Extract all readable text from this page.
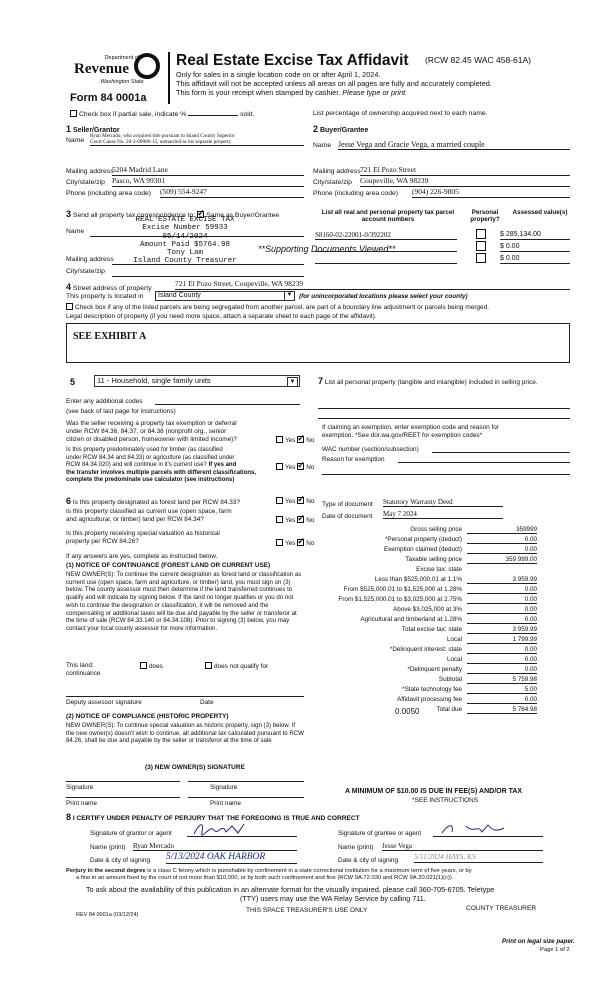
Department of
Revenue
Washington State
Form 84 0001a
Real Estate Excise Tax Affidavit (RCW 82.45 WAC 458-61A)
Only for sales in a single location code on or after April 1, 2024.
This affidavit will not be accepted unless all areas on all pages are fully and accurately completed.
This form is your receipt when stamped by cashier. Please type or print.
Check box if partial sale, indicate %	sold.	List percentage of ownership acquired next to each name.
1 Seller/Grantor
Name
Ryan Mercado, who acquired title pursuant to Island County Superior
Court Cause No. 20-3-00006-15, unmarried as his separate property
Mailing address
5204 Madrid Lane
City/state/zip Pasco, WA 99301
Phone (including area code) (509) 554-9247
2 Buyer/Grantee
Name Jesse Vega and Gracie Vega, a married couple
Mailing address 721 El Pozo Street
City/state/zip Coupeville, WA 98239
Phone (including area code) (904) 226-9805
3 Send all property tax correspondence to: ✓ Same as Buyer/Grantee
Name
Mailing address
City/state/zip
REAL ESTATE EXCISE TAX
Excise Number 59933
05/14/2024
Amount Paid $5764.98
Tony Lam
Island County Treasurer
**Supporting Documents Viewed**
List all real and personal property tax parcel account numbers
Personal property?
Assessed value(s)
S8160-02-22001-0/392202	$ 285,134.00
$ 0.00
$ 0.00
4 Street address of property
721 El Pozo Street, Coupeville, WA 98239
This property is located in	Island County	▼ (for unincorporated locations please select your county)
Check box if any of the listed parcels are being segregated from another parcel, are part of a boundary line adjustment or parcels being merged.
Legal description of property (if you need more space, attach a separate sheet to each page of the affidavit).
SEE EXHIBIT A
5	11 - Household, single family units	▼
Enter any additional codes
(see back of last page for instructions)
Was the seller receiving a property tax exemption or deferral
under RCW 84.36, 84.37, or 84.38 (nonprofit org., senior
citizen or disabled person, homeowner with limited income)?	Yes ✓ No
Is this property predominately used for timber (as classified
under RCW 84.34 and 84.33) or agriculture (as classified under
RCW 84.34.020) and will continue in it's current use? If yes and
the transfer involves multiple parcels with different classifications,
complete the predominate use calculator (see instructions)
Yes ✓ No
6 Is this property designated as forest land per RCW 84.33?	Yes ✓ No
Is this property classified as current use (open space, farm
and agricultural, or timber) land per RCW 84.34?	Yes ✓ No
Is this property receiving special valuation as historical
property per RCW 84.26?	Yes ✓ No
If any answers are yes, complete as instructed below.
(1) NOTICE OF CONTINUANCE (FOREST LAND OR CURRENT USE)
NEW OWNER(S): To continue the current designation as forest land or classification as current use (open space, farm and agriculture, or timber) land, you must sign on (3) below. The county assessor must then determine if the land transferred continues to qualify and will indicate by signing below. If the land no longer qualifies or you do not wish to continue the designation or classification, it will be removed and the compensating or additional taxes will be due and payable by the seller or transferor at the time of sale (RCW 84.33.140 or 84.34.108). Prior to signing (3) below, you may contact your local county assessor for more information.
This land:
continuance
does	does not qualify for
Deputy assessor signature	Date
(2) NOTICE OF COMPLIANCE (HISTORIC PROPERTY)
NEW OWNER(S): To continue special valuation as historic property, sign (3) below. If the new owner(s) doesn't wish to continue, all additional tax calculated pursuant to RCW 84.26, shall be due and payable by the seller or transferor at the time of sale
(3) NEW OWNER(S) SIGNATURE
Signature	Signature
Print name	Print name
7 List all personal property (tangible and intangible) included in selling price.
If claiming an exemption, enter exemption code and reason for
exemption. *See dor.wa.gov/REET for exemption codes*
WAC number (section/subsection)
Reason for exemption
Type of document Statutory Warranty Deed
Date of document May 7 2024
Gross selling price	359999
*Personal property (deduct)	0.00
Exemption claimed (deduct)	0.00
Taxable selling price	359 999.00
Excise tax: state
Less than $525,000.01 at 1.1%	3 959.99
From $525,000.01 to $1,525,000 at 1.28%	0.00
From $1,525,000.01 to $3,025,000 at 2.75%	0.00
Above $3,025,000 at 3%	0.00
Agricultural and timberland at 1.28%	0.00
Total excise tax: state	3 959.99
Local	1 799.99
*Delinquent interest: state	0.00
Local	0.00
*Delinquent penalty	0.00
Subtotal	5 759.98
*State technology fee	5.00
Affidavit processing fee	0.00
Total due	5 764.98
0.0050
A MINIMUM OF $10.00 IS DUE IN FEE(S) AND/OR TAX
*SEE INSTRUCTIONS
8 I CERTIFY UNDER PENALTY OF PERJURY THAT THE FOREGOING IS TRUE AND CORRECT
Signature of grantor or agent
Name (print) Ryan Mercado
Date & city of signing 5/13/2024 OAK HARBOR
Signature of grantee or agent
Name (print) Jesse Vega
Date & city of signing 5/11/2024 HAYS, KS
Perjury in the second degree is a class C felony which is punishable by confinement in a state correctional institution for a maximum term of five years, or by
a fine in an amount fixed by the court of not more than $10,000, or by both such confinement and fine (RCW 9A.72.030 and RCW 9A.20.021(1)(c)).
To ask about the availability of this publication in an alternate format for the visually impaired, please call 360-705-6705. Teletype
(TTY) users may use the WA Relay Service by calling 711.
REV 84 0001a (03/12/24)
THIS SPACE TREASURER'S USE ONLY	COUNTY TREASURER
Print on legal size paper.
Page 1 of 2
